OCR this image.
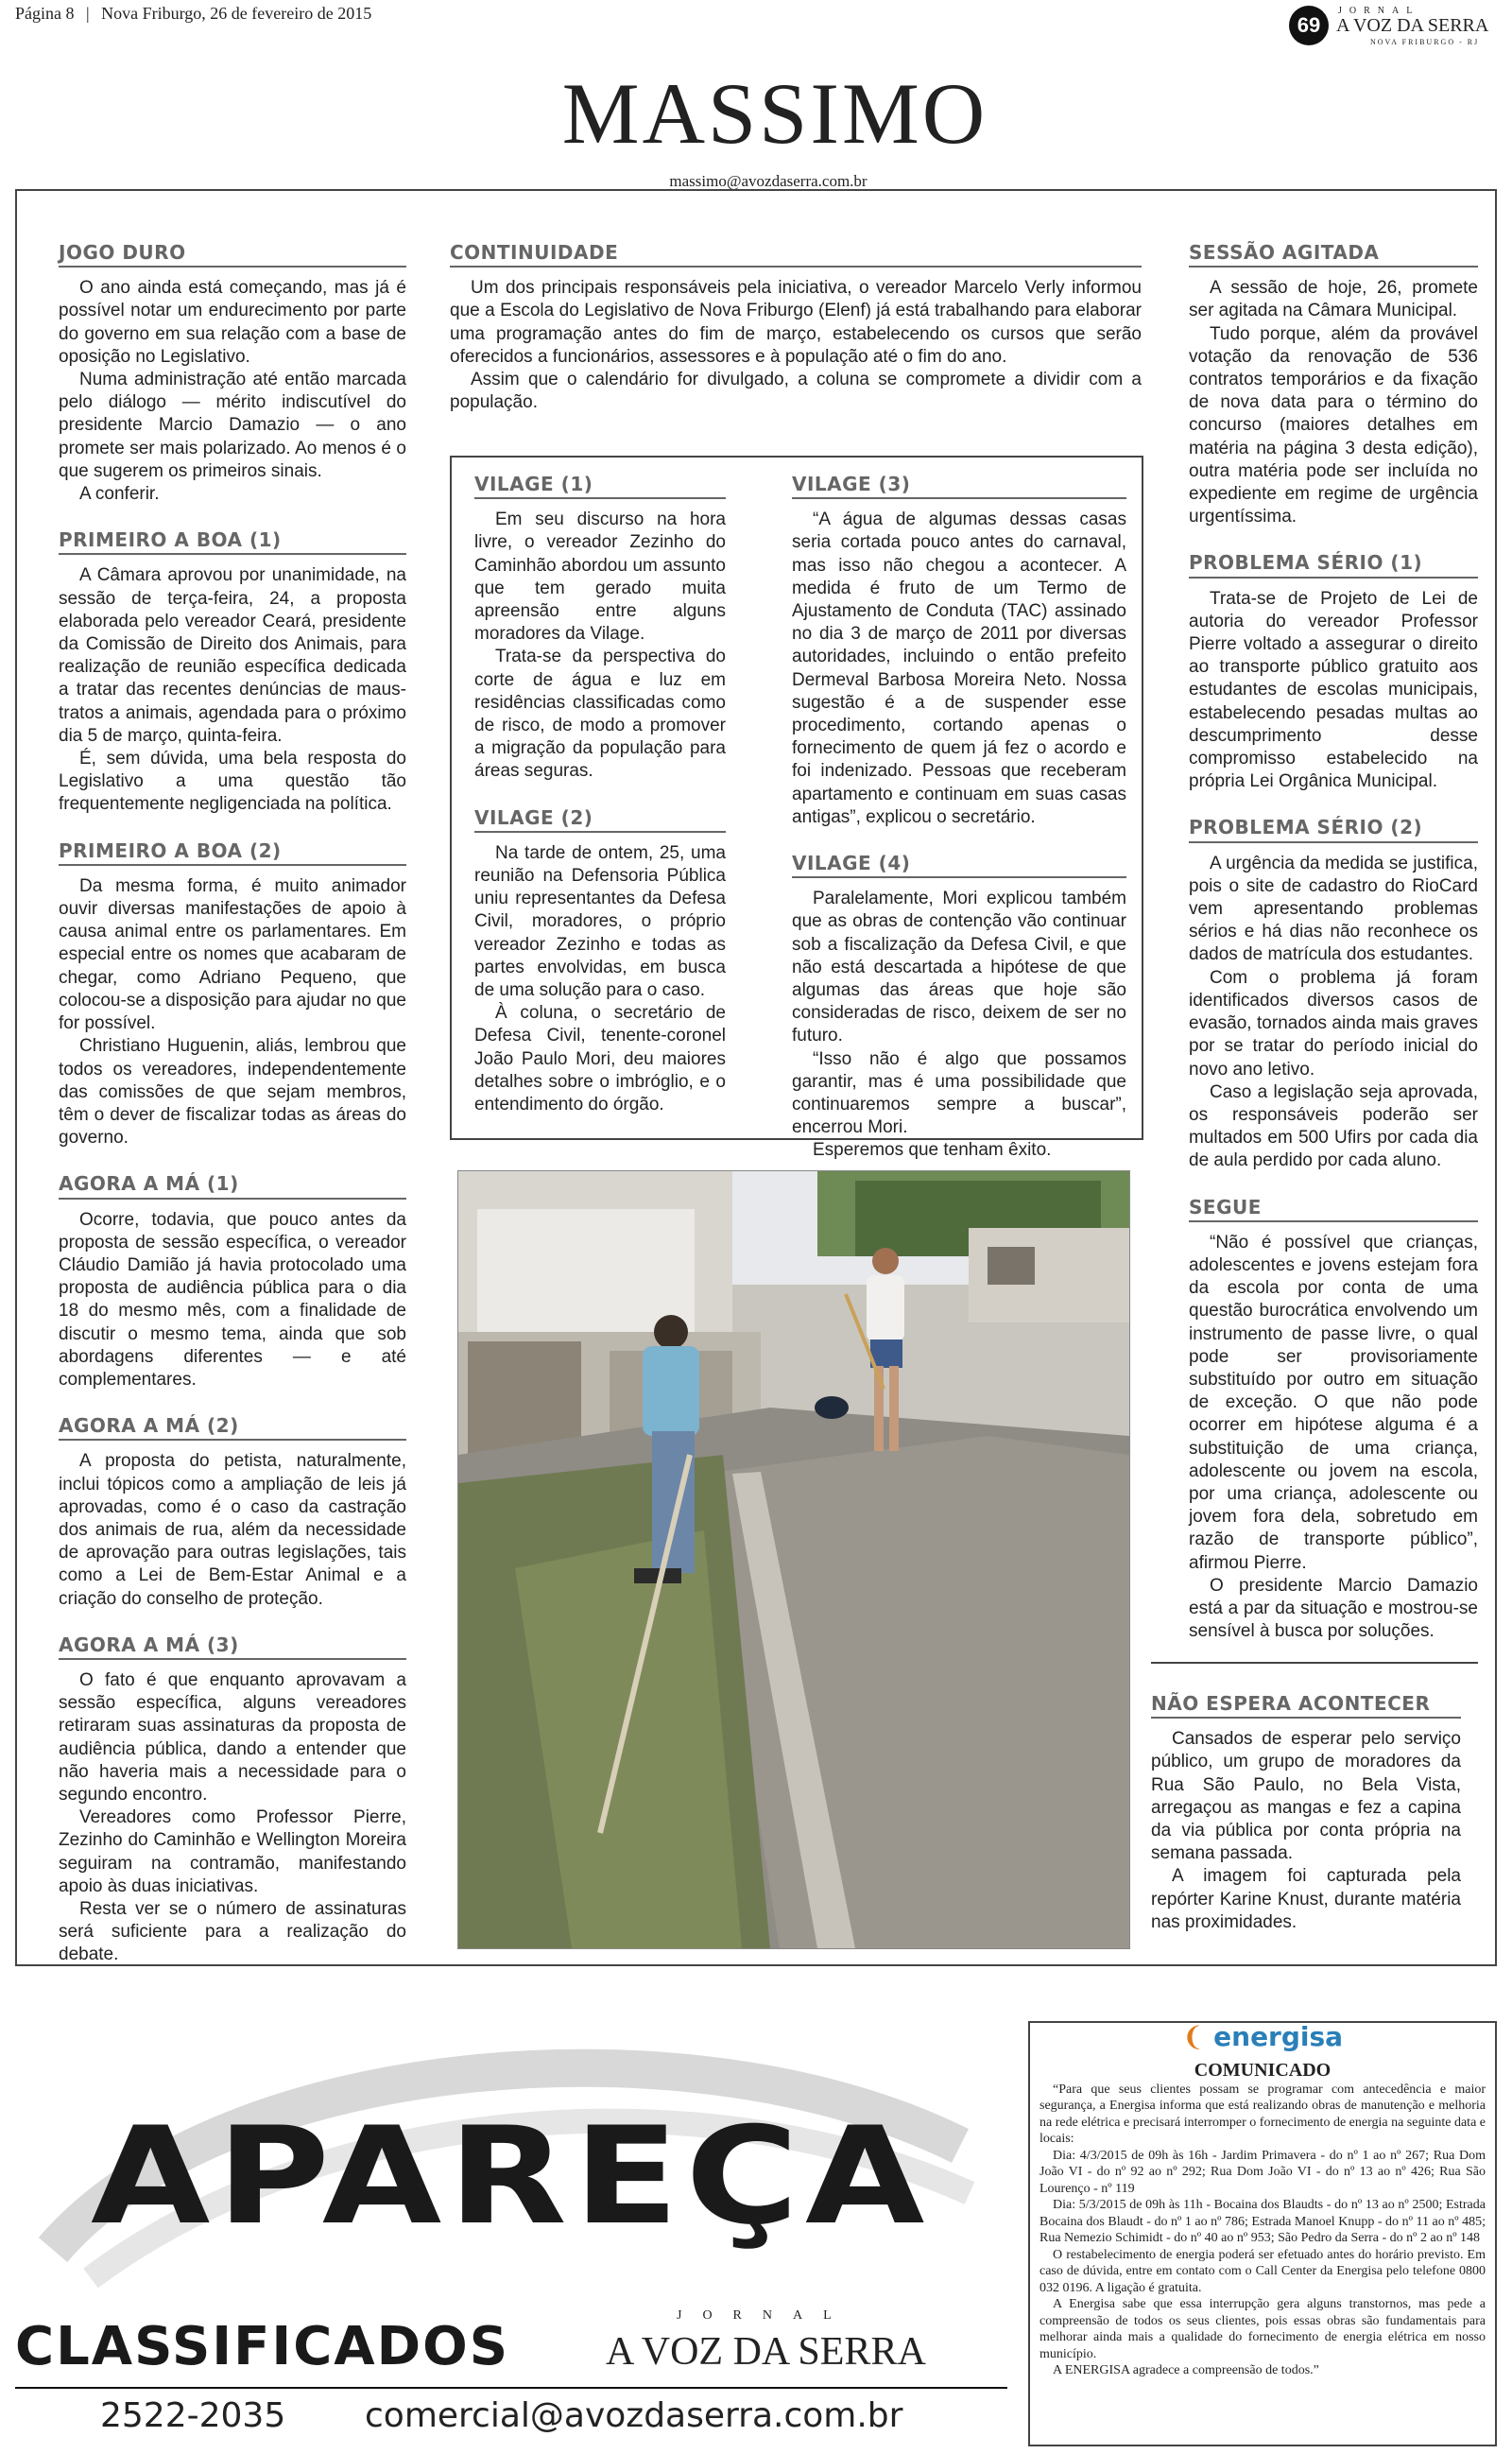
Página 8 | Nova Friburgo, 26 de fevereiro de 2015	69
JORNAL
A VOZ DA SERRA
NOVA FRIBURGO - RJ
MASSIMO
massimo@avozdaserra.com.br
JOGO DURO

O ano ainda está começando, mas já é possível notar um endurecimento por parte do governo em sua relação com a base de oposição no Legislativo.

Numa administração até então marcada pelo diálogo — mérito indiscutível do presidente Marcio Damazio — o ano promete ser mais polarizado. Ao menos é o que sugerem os primeiros sinais.

A conferir.

PRIMEIRO A BOA (1)

A Câmara aprovou por unanimidade, na sessão de terça-feira, 24, a proposta elaborada pelo vereador Ceará, presidente da Comissão de Direito dos Animais, para realização de reunião específica dedicada a tratar das recentes denúncias de maus-tratos a animais, agendada para o próximo dia 5 de março, quinta-feira.

É, sem dúvida, uma bela resposta do Legislativo a uma questão tão frequentemente negligenciada na política.

PRIMEIRO A BOA (2)

Da mesma forma, é muito animador ouvir diversas manifestações de apoio à causa animal entre os parlamentares. Em especial entre os nomes que acabaram de chegar, como Adriano Pequeno, que colocou-se a disposição para ajudar no que for possível.

Christiano Huguenin, aliás, lembrou que todos os vereadores, independentemente das comissões de que sejam membros, têm o dever de fiscalizar todas as áreas do governo.

AGORA A MÁ (1)

Ocorre, todavia, que pouco antes da proposta de sessão específica, o vereador Cláudio Damião já havia protocolado uma proposta de audiência pública para o dia 18 do mesmo mês, com a finalidade de discutir o mesmo tema, ainda que sob abordagens diferentes — e até complementares.

AGORA A MÁ (2)

A proposta do petista, naturalmente, inclui tópicos como a ampliação de leis já aprovadas, como é o caso da castração dos animais de rua, além da necessidade de aprovação para outras legislações, tais como a Lei de Bem-Estar Animal e a criação do conselho de proteção.

AGORA A MÁ (3)

O fato é que enquanto aprovavam a sessão específica, alguns vereadores retiraram suas assinaturas da proposta de audiência pública, dando a entender que não haveria mais a necessidade para o segundo encontro.

Vereadores como Professor Pierre, Zezinho do Caminhão e Wellington Moreira seguiram na contramão, manifestando apoio às duas iniciativas.

Resta ver se o número de assinaturas será suficiente para a realização do debate.

CONTINUIDADE

Um dos principais responsáveis pela iniciativa, o vereador Marcelo Verly informou que a Escola do Legislativo de Nova Friburgo (Elenf) já está trabalhando para elaborar uma programação antes do fim de março, estabelecendo os cursos que serão oferecidos a funcionários, assessores e à população até o fim do ano.

Assim que o calendário for divulgado, a coluna se compromete a dividir com a população.

VILAGE (1)

Em seu discurso na hora livre, o vereador Zezinho do Caminhão abordou um assunto que tem gerado muita apreensão entre alguns moradores da Vilage.

Trata-se da perspectiva do corte de água e luz em residências classificadas como de risco, de modo a promover a migração da população para áreas seguras.

VILAGE (2)

Na tarde de ontem, 25, uma reunião na Defensoria Pública uniu representantes da Defesa Civil, moradores, o próprio vereador Zezinho e todas as partes envolvidas, em busca de uma solução para o caso.

À coluna, o secretário de Defesa Civil, tenente-coronel João Paulo Mori, deu maiores detalhes sobre o imbróglio, e o entendimento do órgão.

VILAGE (3)

“A água de algumas dessas casas seria cortada pouco antes do carnaval, mas isso não chegou a acontecer. A medida é fruto de um Termo de Ajustamento de Conduta (TAC) assinado no dia 3 de março de 2011 por diversas autoridades, incluindo o então prefeito Dermeval Barbosa Moreira Neto. Nossa sugestão é a de suspender esse procedimento, cortando apenas o fornecimento de quem já fez o acordo e foi indenizado. Pessoas que receberam apartamento e continuam em suas casas antigas”, explicou o secretário.

VILAGE (4)

Paralelamente, Mori explicou também que as obras de contenção vão continuar sob a fiscalização da Defesa Civil, e que não está descartada a hipótese de que algumas das áreas que hoje são consideradas de risco, deixem de ser no futuro.

“Isso não é algo que possamos garantir, mas é uma possibilidade que continuaremos sempre a buscar”, encerrou Mori.

Esperemos que tenham êxito.

SESSÃO AGITADA

A sessão de hoje, 26, promete ser agitada na Câmara Municipal.

Tudo porque, além da provável votação da renovação de 536 contratos temporários e da fixação de nova data para o término do concurso (maiores detalhes em matéria na página 3 desta edição), outra matéria pode ser incluída no expediente em regime de urgência urgentíssima.

PROBLEMA SÉRIO (1)

Trata-se de Projeto de Lei de autoria do vereador Professor Pierre voltado a assegurar o direito ao transporte público gratuito aos estudantes de escolas municipais, estabelecendo pesadas multas ao descumprimento desse compromisso estabelecido na própria Lei Orgânica Municipal.

PROBLEMA SÉRIO (2)

A urgência da medida se justifica, pois o site de cadastro do RioCard vem apresentando problemas sérios e há dias não reconhece os dados de matrícula dos estudantes.

Com o problema já foram identificados diversos casos de evasão, tornados ainda mais graves por se tratar do período inicial do novo ano letivo.

Caso a legislação seja aprovada, os responsáveis poderão ser multados em 500 Ufirs por cada dia de aula perdido por cada aluno.

SEGUE

“Não é possível que crianças, adolescentes e jovens estejam fora da escola por conta de uma questão burocrática envolvendo um instrumento de passe livre, o qual pode ser provisoriamente substituído por outro em situação de exceção. O que não pode ocorrer em hipótese alguma é a substituição de uma criança, adolescente ou jovem na escola, por uma criança, adolescente ou jovem fora dela, sobretudo em razão de transporte público”, afirmou Pierre.

O presidente Marcio Damazio está a par da situação e mostrou-se sensível à busca por soluções.

NÃO ESPERA ACONTECER

Cansados de esperar pelo serviço público, um grupo de moradores da Rua São Paulo, no Bela Vista, arregaçou as mangas e fez a capina da via pública por conta própria na semana passada.

A imagem foi capturada pela repórter Karine Knust, durante matéria nas proximidades.

APAREÇA
CLASSIFICADOS
JORNAL
A VOZ DA SERRA
2522-2035 comercial@avozdaserra.com.br
❨ energisa
COMUNICADO

“Para que seus clientes possam se programar com antecedência e maior segurança, a Energisa informa que está realizando obras de manutenção e melhoria na rede elétrica e precisará interromper o fornecimento de energia na seguinte data e locais:

Dia: 4/3/2015 de 09h às 16h - Jardim Primavera - do nº 1 ao nº 267; Rua Dom João VI - do nº 92 ao nº 292; Rua Dom João VI - do nº 13 ao nº 426; Rua São Lourenço - nº 119

Dia: 5/3/2015 de 09h às 11h - Bocaina dos Blaudts - do nº 13 ao nº 2500; Estrada Bocaina dos Blaudt - do nº 1 ao nº 786; Estrada Manoel Knupp - do nº 11 ao nº 485; Rua Nemezio Schimidt - do nº 40 ao nº 953; São Pedro da Serra - do nº 2 ao nº 148

O restabelecimento de energia poderá ser efetuado antes do horário previsto. Em caso de dúvida, entre em contato com o Call Center da Energisa pelo telefone 0800 032 0196. A ligação é gratuita.

A Energisa sabe que essa interrupção gera alguns transtornos, mas pede a compreensão de todos os seus clientes, pois essas obras são fundamentais para melhorar ainda mais a qualidade do fornecimento de energia elétrica em nosso município.

A ENERGISA agradece a compreensão de todos.”
